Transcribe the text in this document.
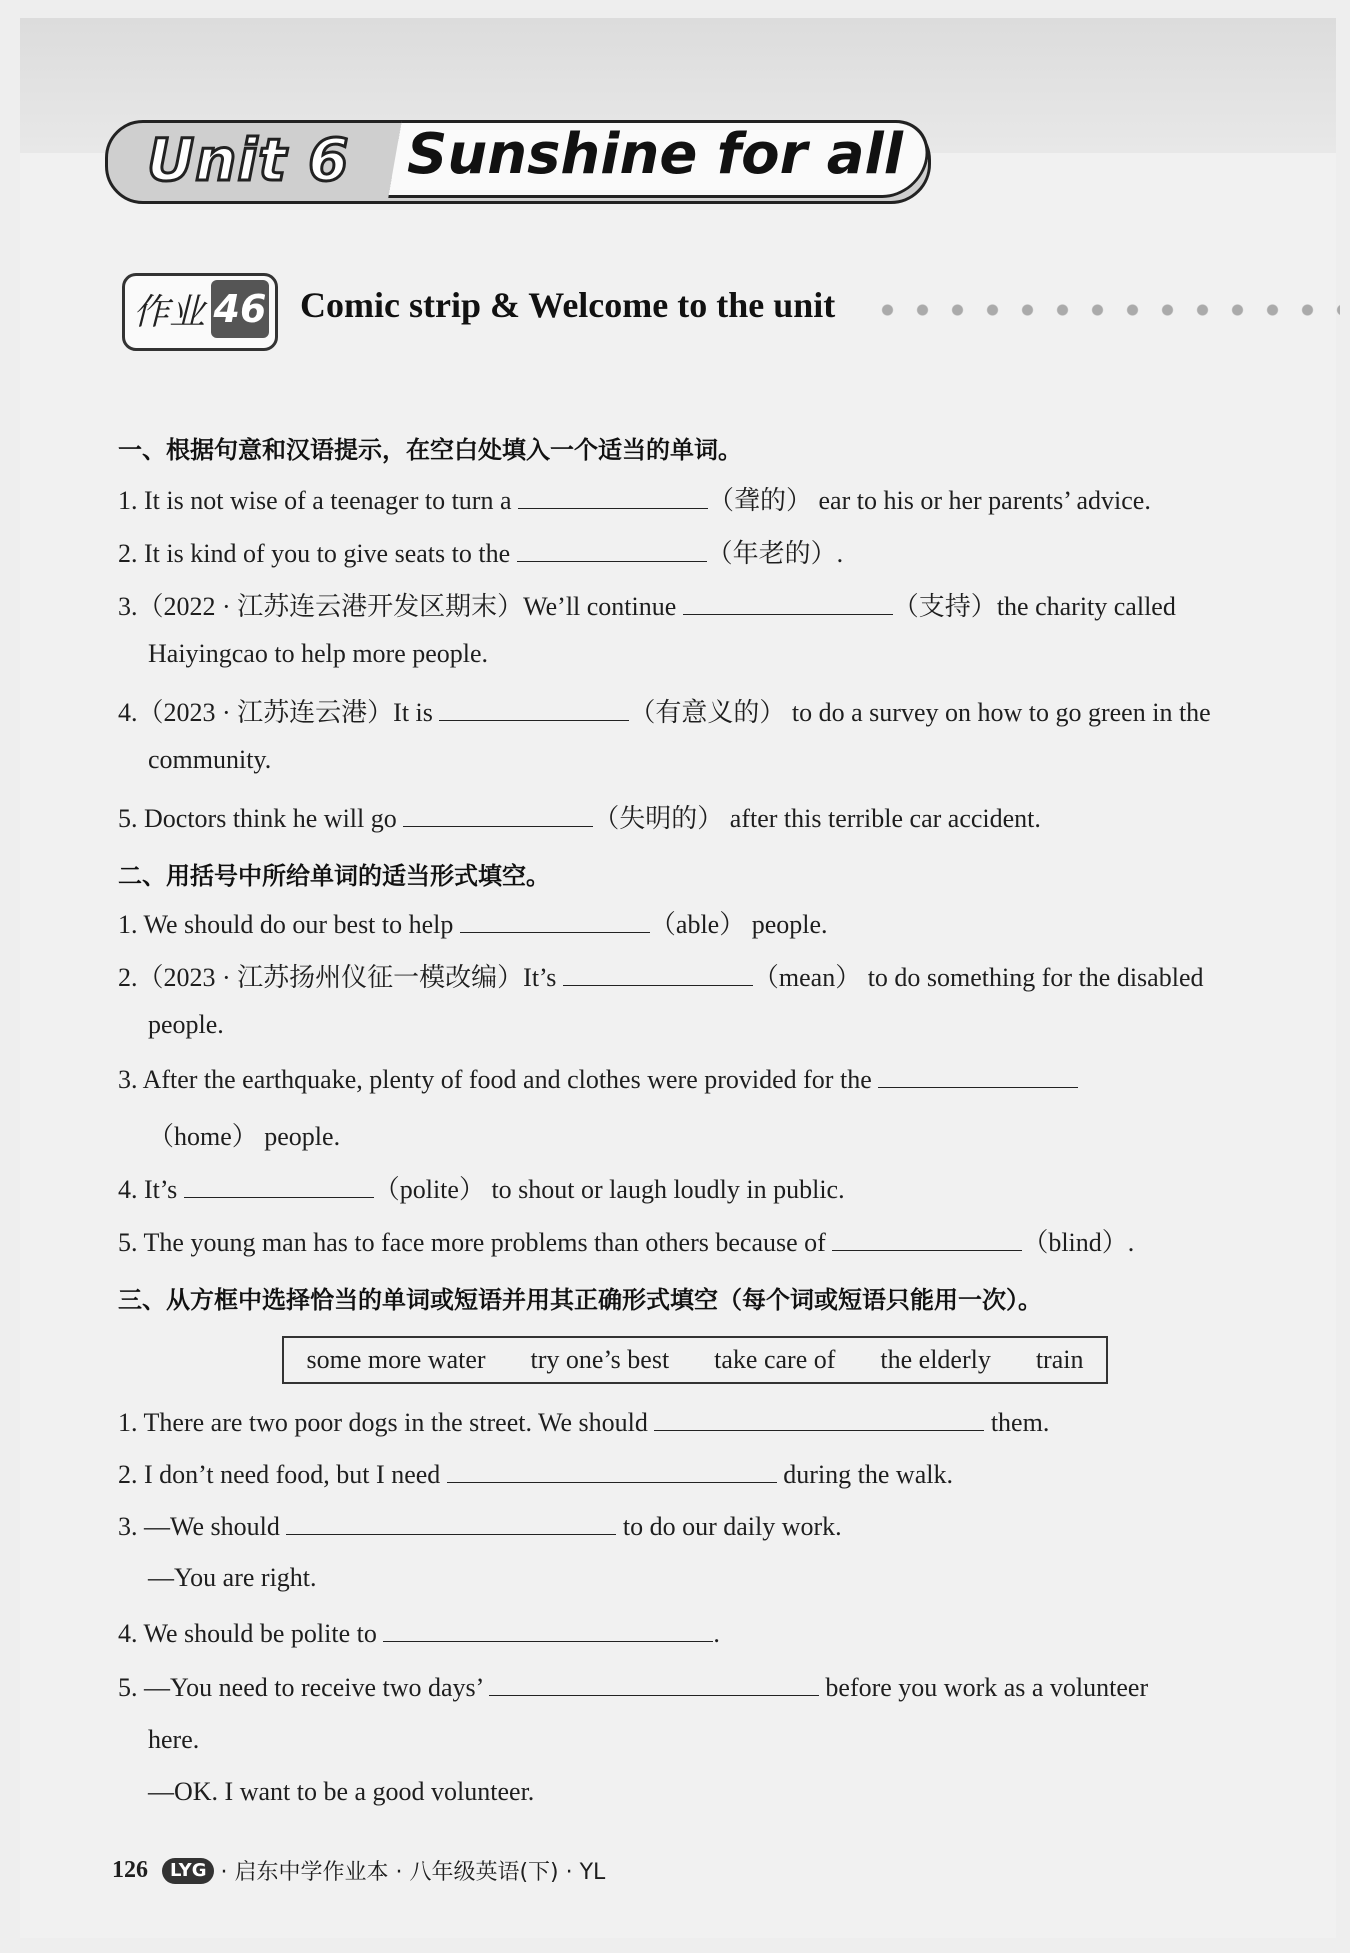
Unit 6 Sunshine for all
作业 46 Comic strip & Welcome to the unit
一、根据句意和汉语提示，在空白处填入一个适当的单词。
1. It is not wise of a teenager to turn a	（聋的） ear to his or her parents’ advice.
2. It is kind of you to give seats to the	（年老的）.
3.（2022 · 江苏连云港开发区期末）We’ll continue	（支持）the charity called
Haiyingcao to help more people.
4.（2023 · 江苏连云港）It is	（有意义的） to do a survey on how to go green in the
community.
5. Doctors think he will go	（失明的） after this terrible car accident.
二、用括号中所给单词的适当形式填空。
1. We should do our best to help	（able） people.
2.（2023 · 江苏扬州仪征一模改编）It’s	（mean） to do something for the disabled
people.
3. After the earthquake, plenty of food and clothes were provided for the
（home） people.
4. It’s	（polite） to shout or laugh loudly in public.
5. The young man has to face more problems than others because of	（blind）.
三、从方框中选择恰当的单词或短语并用其正确形式填空（每个词或短语只能用一次）。
some more water try one’s best take care of the elderly train
1. There are two poor dogs in the street. We should	them.
2. I don’t need food, but I need	during the walk.
3. —We should	to do our daily work.
—You are right.
4. We should be polite to	.
5. —You need to receive two days’	before you work as a volunteer
here.
—OK. I want to be a good volunteer.
126	LYG · 启东中学作业本 · 八年级英语(下) · YL
